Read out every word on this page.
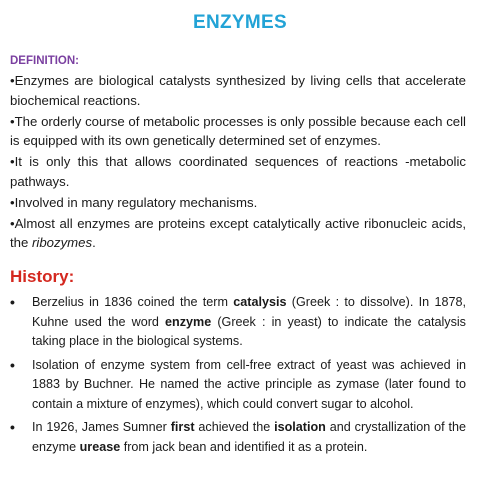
ENZYMES
DEFINITION:
•Enzymes are biological catalysts synthesized by living cells that accelerate biochemical reactions.
•The orderly course of metabolic processes is only possible because each cell is equipped with its own genetically determined set of enzymes.
•It is only this that allows coordinated sequences of reactions -metabolic pathways.
•Involved in many regulatory mechanisms.
•Almost all enzymes are proteins except catalytically active ribonucleic acids, the ribozymes.
History:
•	Berzelius in 1836 coined the term catalysis (Greek : to dissolve). In 1878, Kuhne used the word enzyme (Greek : in yeast) to indicate the catalysis taking place in the biological systems.
•	Isolation of enzyme system from cell-free extract of yeast was achieved in 1883 by Buchner. He named the active principle as zymase (later found to contain a mixture of enzymes), which could convert sugar to alcohol.
•	In 1926, James Sumner first achieved the isolation and crystallization of the enzyme urease from jack bean and identified it as a protein.
